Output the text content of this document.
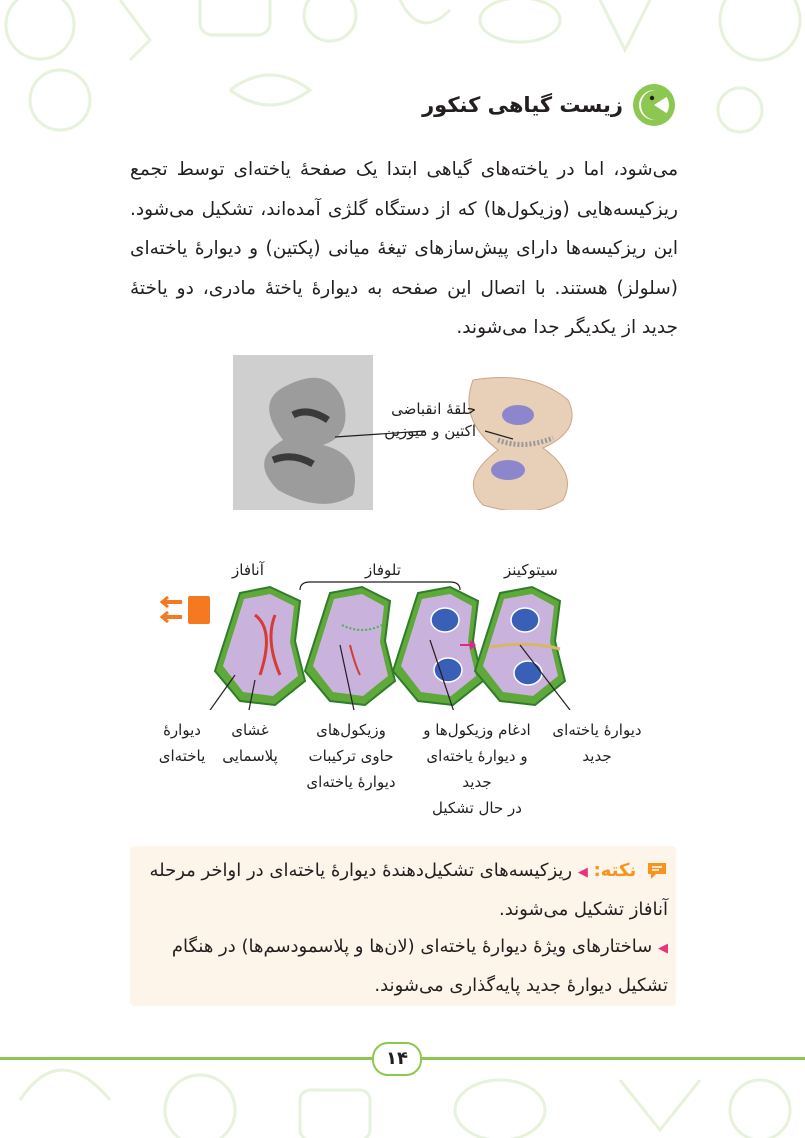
زیست گیاهی کنکور

می‌شود، اما در یاخته‌های گیاهی ابتدا یک صفحهٔ یاخته‌ای توسط تجمع ریزکیسه‌هایی (وزیکول‌ها) که از دستگاه گلژی آمده‌اند، تشکیل می‌شود. این ریزکیسه‌ها دارای پیش‌سازهای تیغهٔ میانی (پکتین) و دیوارهٔ یاخته‌ای (سلولز) هستند. با اتصال این صفحه به دیوارهٔ یاختهٔ مادری، دو یاختهٔ جدید از یکدیگر جدا می‌شوند.

حلقهٔ انقباضی
اکتین و میوزین
آنافاز	تلوفاز	سیتوکینز
دیوارهٔ
یاخته‌ای
غشای
پلاسمایی
وزیکول‌های
حاوی ترکیبات
دیوارهٔ یاخته‌ای
ادغام وزیکول‌ها و
و دیوارهٔ یاخته‌ای
جدید
در حال تشکیل
دیوارهٔ یاخته‌ای
جدید

نکته: ◀ ریزکیسه‌های تشکیل‌دهندهٔ دیوارهٔ یاخته‌ای در اواخر مرحله آنافاز تشکیل می‌شوند.

◀ ساختارهای ویژهٔ دیوارهٔ یاخته‌ای (لان‌ها و پلاسمودسم‌ها) در هنگام تشکیل دیوارهٔ جدید پایه‌گذاری می‌شوند.

۱۴
